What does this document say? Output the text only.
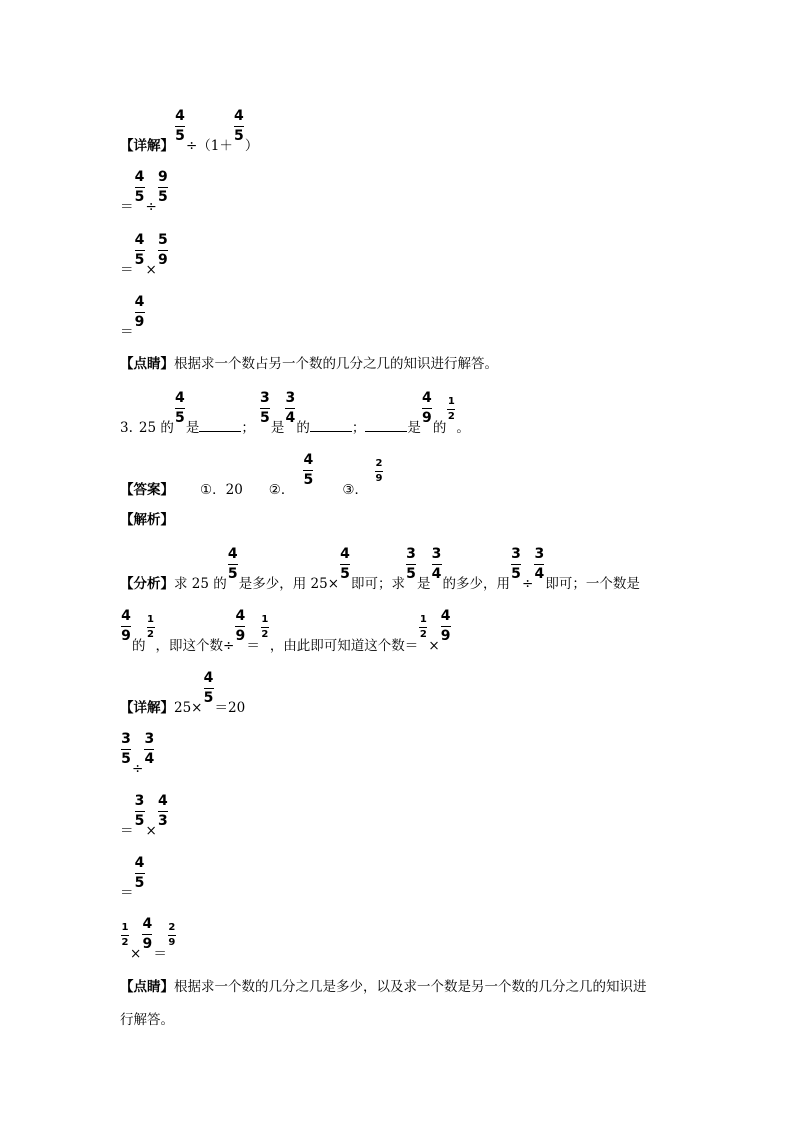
【详解】 $\frac{4}{5} \div(1+ \frac{4}{5}$ ）
＝ $\frac{4}{5} \div \frac{9}{5}$
＝ $\frac{4}{5} \times \frac{5}{9}$
＝ $\frac{4}{9}$
【点睛】根据求一个数占另一个数的几分之几的知识进行解答。
3. 25 的 $\frac{4}{5}$ 是	； $\frac{3}{5}$ 是 $\frac{3}{4}$ 的	；	是 $\frac{4}{9}$ 的 $\frac{1}{2}$ 。
【答案】 ①．20 ②． $\frac{4}{5}$ ③． $\frac{2}{9}$
【解析】
【分析】求 25 的 $\frac{4}{5}$ 是多少，用 $25\times \frac{4}{5}$ 即可；求 $\frac{3}{5}$ 是 $\frac{3}{4}$ 的多少，用 $\frac{3}{5} \div \frac{3}{4}$ 即可；一个数是
$\frac{4}{9}$ 的 $\frac{1}{2}$ ，即这个数÷ $\frac{4}{9} = \frac{1}{2}$ ，由此即可知道这个数＝ $\frac{1}{2} \times \frac{4}{9}$
【详解】$25\times \frac{4}{5} =20$
$\frac{3}{5} \div \frac{3}{4}$
＝ $\frac{3}{5} \times \frac{4}{3}$
＝ $\frac{4}{5}$
$\frac{1}{2} \times \frac{4}{9} = \frac{2}{9}$
【点睛】根据求一个数的几分之几是多少，以及求一个数是另一个数的几分之几的知识进
行解答。
